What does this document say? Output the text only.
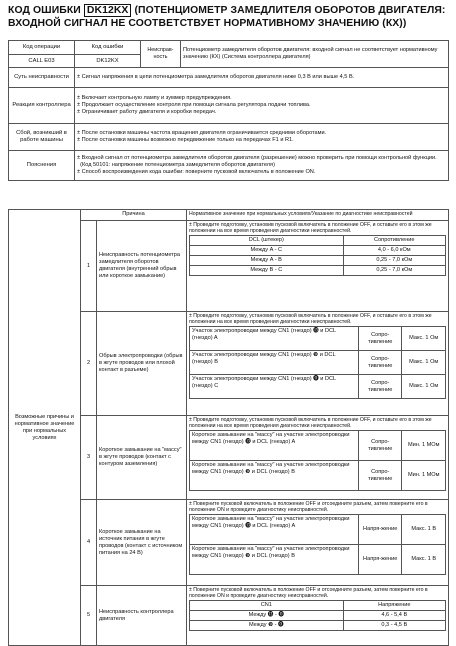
КОД ОШИБКИ DK12KX (ПОТЕНЦИОМЕТР ЗАМЕДЛИТЕЛЯ ОБОРОТОВ ДВИГАТЕЛЯ: ВХОДНОЙ СИГНАЛ НЕ СООТВЕТСТВУЕТ НОРМАТИВНОМУ ЗНАЧЕНИЮ (КХ))
Код операции	Код ошибки	Неисправ-ность	Потенциометр замедлителя оборотов двигателя: входной сигнал не соответствует нормативному значению (КХ) (Система контроллера двигателя)
CALL E03	DK12KX		
Суть неисправности	± Сигнал напряжения в цепи потенциометра замедлителя оборотов двигателя ниже 0,3 В или выше 4,5 В.		

Реакция контроллера	± Включает контрольную лампу и зуммер предупреждения.
± Продолжает осуществление контроля при помощи сигнала регулятора подачи топлива.
± Ограничивает работу двигателя и коробки передач.		

Сбой, возникший в работе машины	± После остановки машины частота вращения двигателя ограничивается средними оборотами.
± После остановки машины возможно передвижение только на передачах F1 и R1.		

Пояснения	± Входной сигнал от потенциометра замедлителя оборотов двигателя (разрешение) можно проверить при помощи контрольной функции.
(Код 50101: напряжение потенциометра замедлителя оборотов двигателя)
± Способ воспроизведения кода ошибки: поверните пусковой включатель в положение ON.		
Возможные причины и нормативное значение при нормальных условиях	Причина	Нормативное значение при нормальных условиях/Указание по диагностике неисправностей
1	Неисправность потенциометра замедлителя оборотов двигателя (внутренний обрыв или короткое замыкание)	
± Проведите подготовку, установив пусковой включатель в положение OFF, и оставьте его в этом же положении на все время проведения диагностики неисправностей.
DCL (штекер)	Сопротивление
Между A - C	4,0 - 6,0 кОм
Между A - B	0,25 - 7,0 кОм
Между B - C	0,25 - 7,0 кОм

2	Обрыв электропроводки (обрыв в жгуте проводов или плохой контакт в разъеме)	
± Проведите подготовку, установив пусковой включатель в положение OFF, и оставьте его в этом же положении на все время проведения диагностики неисправностей.
Участок электропроводки между CN1 (гнездо) ⓭ и DCL (гнездо) A	Сопро-тивление	Макс. 1 Ом
Участок электропроводки между CN1 (гнездо) ❾ и DCL (гнездо) B	Сопро-тивление	Макс. 1 Ом
Участок электропроводки между CN1 (гнездо) ⓿ и DCL (гнездо) C	Сопро-тивление	Макс. 1 Ом

3	Короткое замыкание на "массу" в жгуте проводов (контакт с контуром заземления)	
± Проведите подготовку, установив пусковой включатель в положение OFF, и оставьте его в этом же положении на все время проведения диагностики неисправностей.
Короткое замыкание на "массу" на участке электропроводки между CN1 (гнездо) ⓭ и DCL (гнездо) A	Сопро-тивление	Мин. 1 МОм
Короткое замыкание на "массу" на участке электропроводки между CN1 (гнездо) ❾ и DCL (гнездо) B	Сопро-тивление	Мин. 1 МОм

4	Короткое замыкание на источник питания в жгуте проводов (контакт с источником питания на 24 В)	
± Поверните пусковой включатель в положение OFF и отсоедините разъем, затем поверните его в положение ON и проведите диагностику неисправностей.
Короткое замыкание на "массу" на участке электропроводки между CN1 (гнездо) ⓭ и DCL (гнездо) A	Напря-жение	Макс. 1 В
Короткое замыкание на "массу" на участке электропроводки между CN1 (гнездо) ❾ и DCL (гнездо) B	Напря-жение	Макс. 1 В

5	Неисправность контроллера двигателя	
± Поверните пусковой включатель в положение OFF и отсоедините разъем, затем поверните его в положение ON и проведите диагностику неисправностей.
CN1	Напряжение
Между ⓭ - ⓿	4,6 - 5,4 В
Между ❾ - ⓿	0,3 - 4,5 В
